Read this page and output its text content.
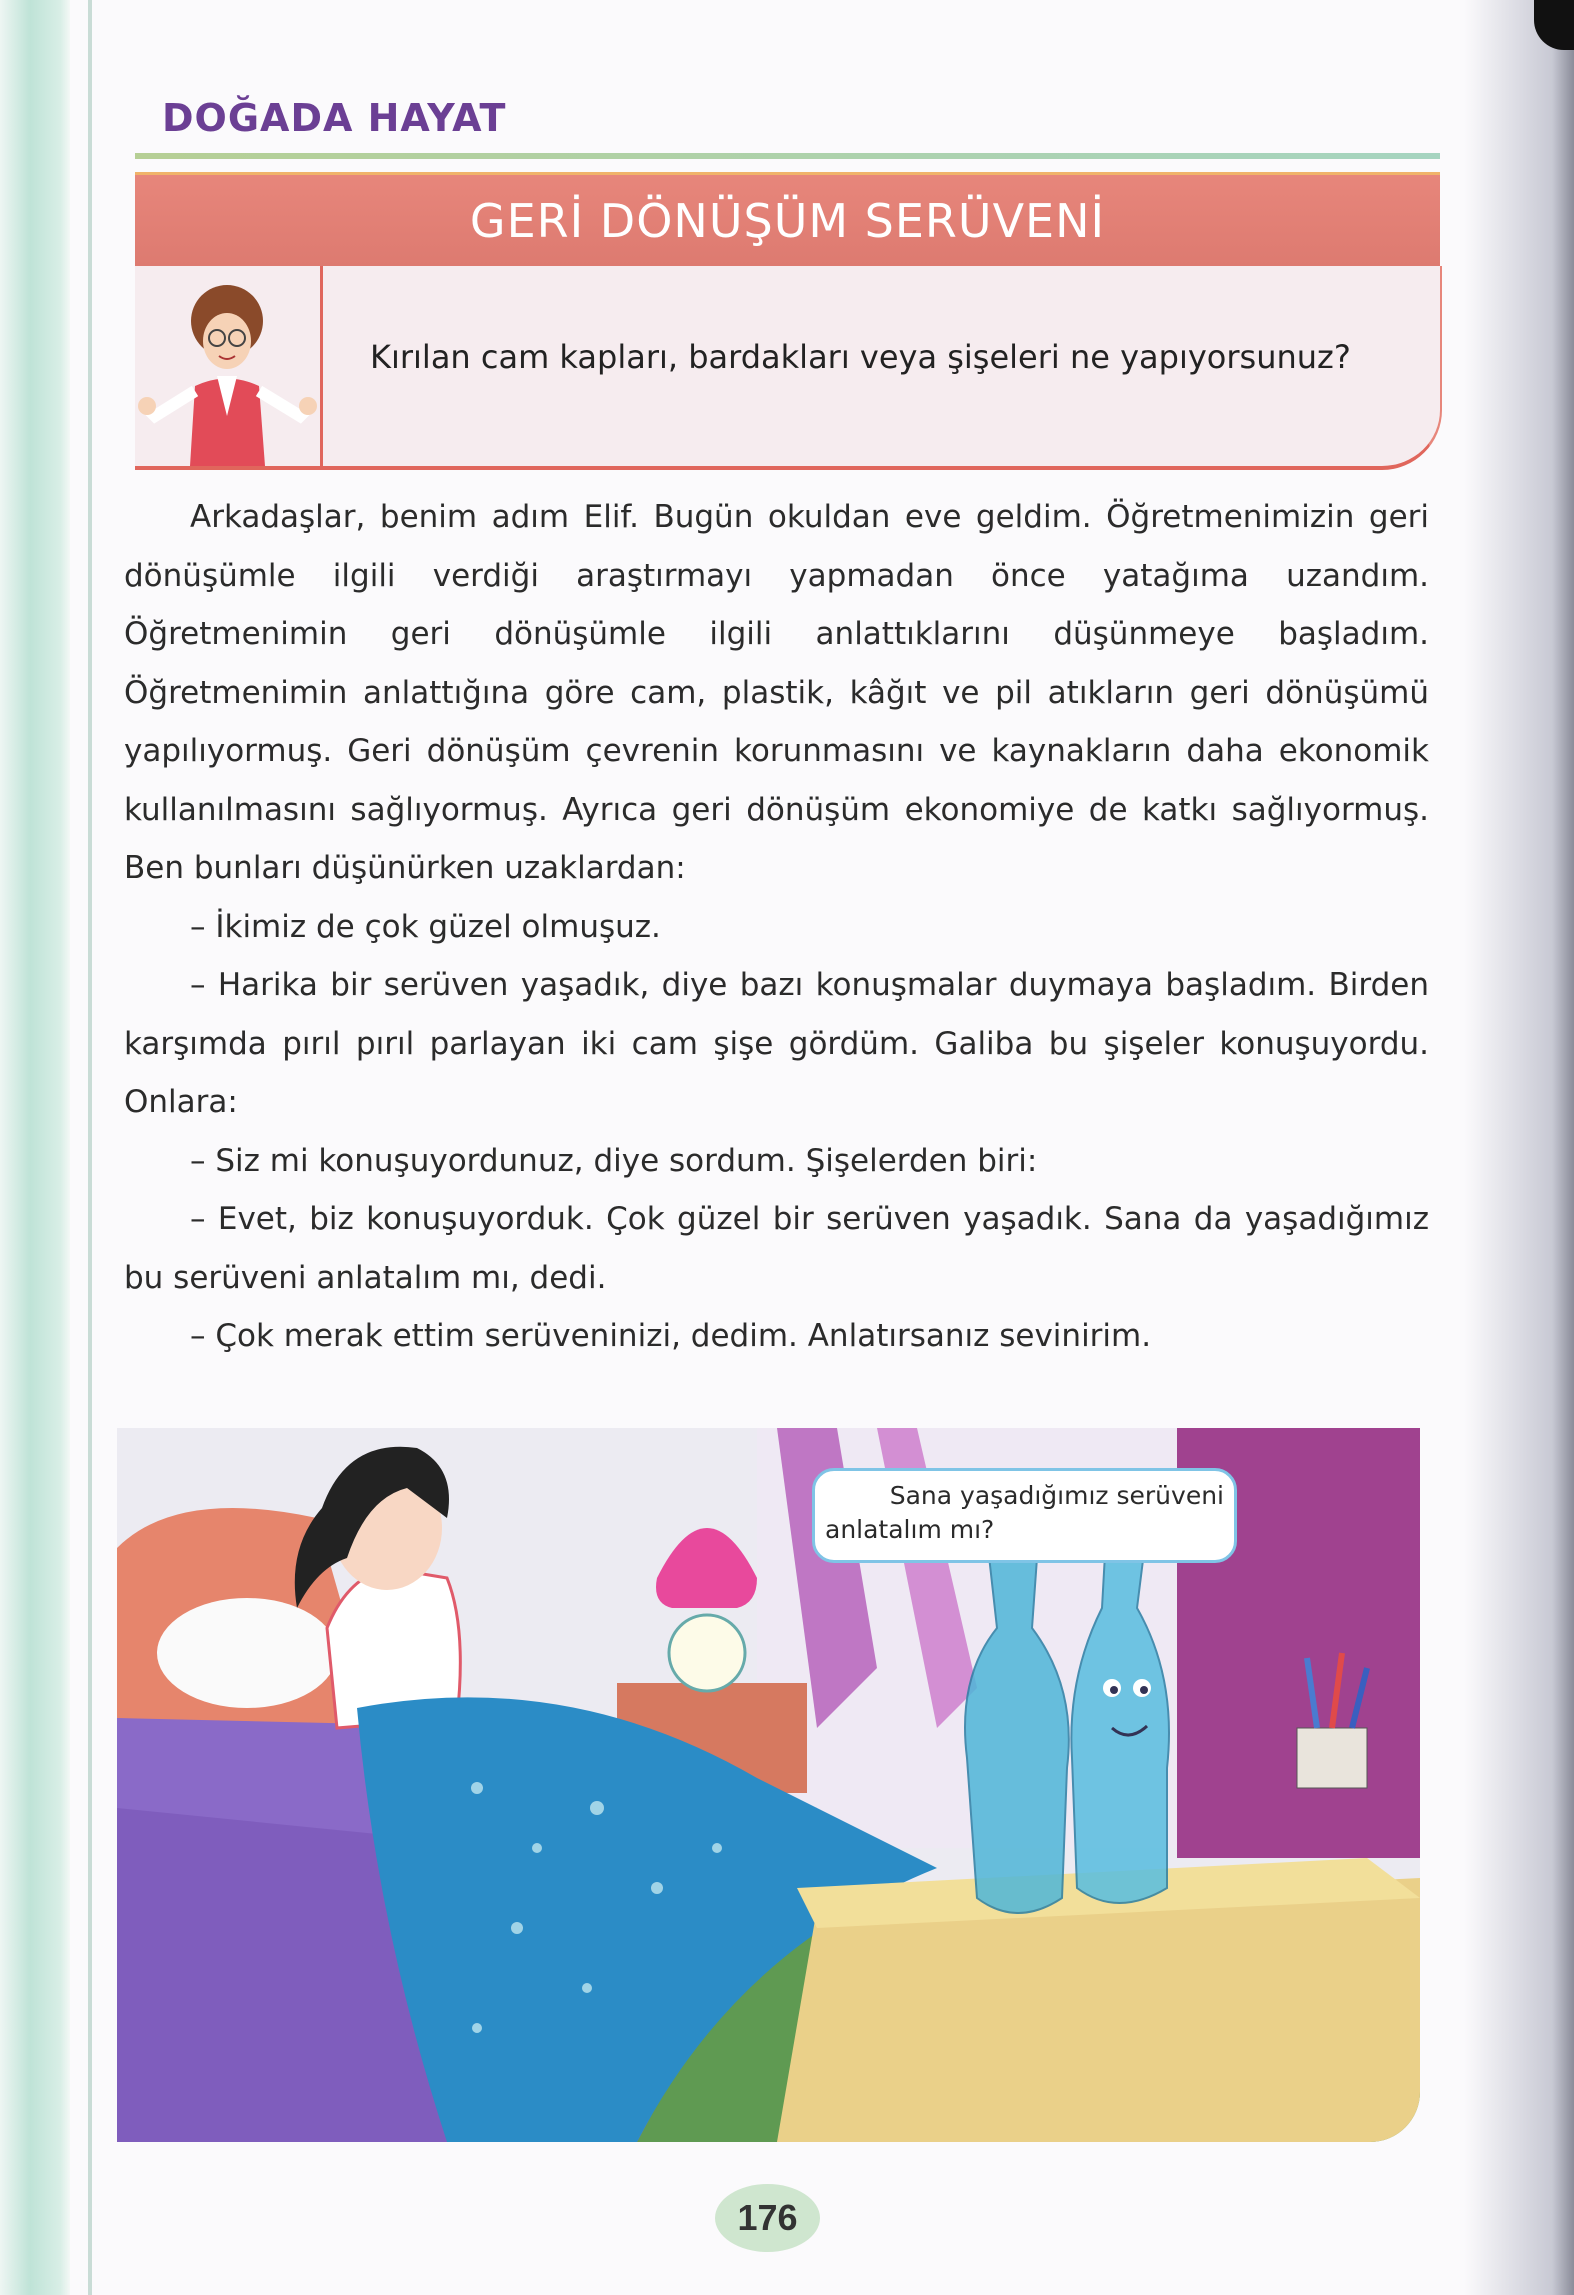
DOĞADA HAYAT
GERİ DÖNÜŞÜM SERÜVENİ
Kırılan cam kapları, bardakları veya şişeleri ne yapıyorsunuz?

Arkadaşlar, benim adım Elif. Bugün okuldan eve geldim. Öğretmenimizin geri dönüşümle ilgili verdiği araştırmayı yapmadan önce yatağıma uzandım. Öğretmenimin geri dönüşümle ilgili anlattıklarını düşünmeye başladım. Öğretmenimin anlattığına göre cam, plastik, kâğıt ve pil atıkların geri dönüşümü yapılıyormuş. Geri dönüşüm çevrenin korunmasını ve kaynakların daha ekonomik kullanılmasını sağlıyormuş. Ayrıca geri dönüşüm ekonomiye de katkı sağlıyormuş. Ben bunları düşünürken uzaklardan:

– İkimiz de çok güzel olmuşuz.

– Harika bir serüven yaşadık, diye bazı konuşmalar duymaya başladım. Birden karşımda pırıl pırıl parlayan iki cam şişe gördüm. Galiba bu şişeler konuşuyordu. Onlara:

– Siz mi konuşuyordunuz, diye sordum. Şişelerden biri:

– Evet, biz konuşuyorduk. Çok güzel bir serüven yaşadık. Sana da yaşadığımız bu serüveni anlatalım mı, dedi.

– Çok merak ettim serüveninizi, dedim. Anlatırsanız sevinirim.

Sana yaşadığımız serüveni
anlatalım mı?
176
